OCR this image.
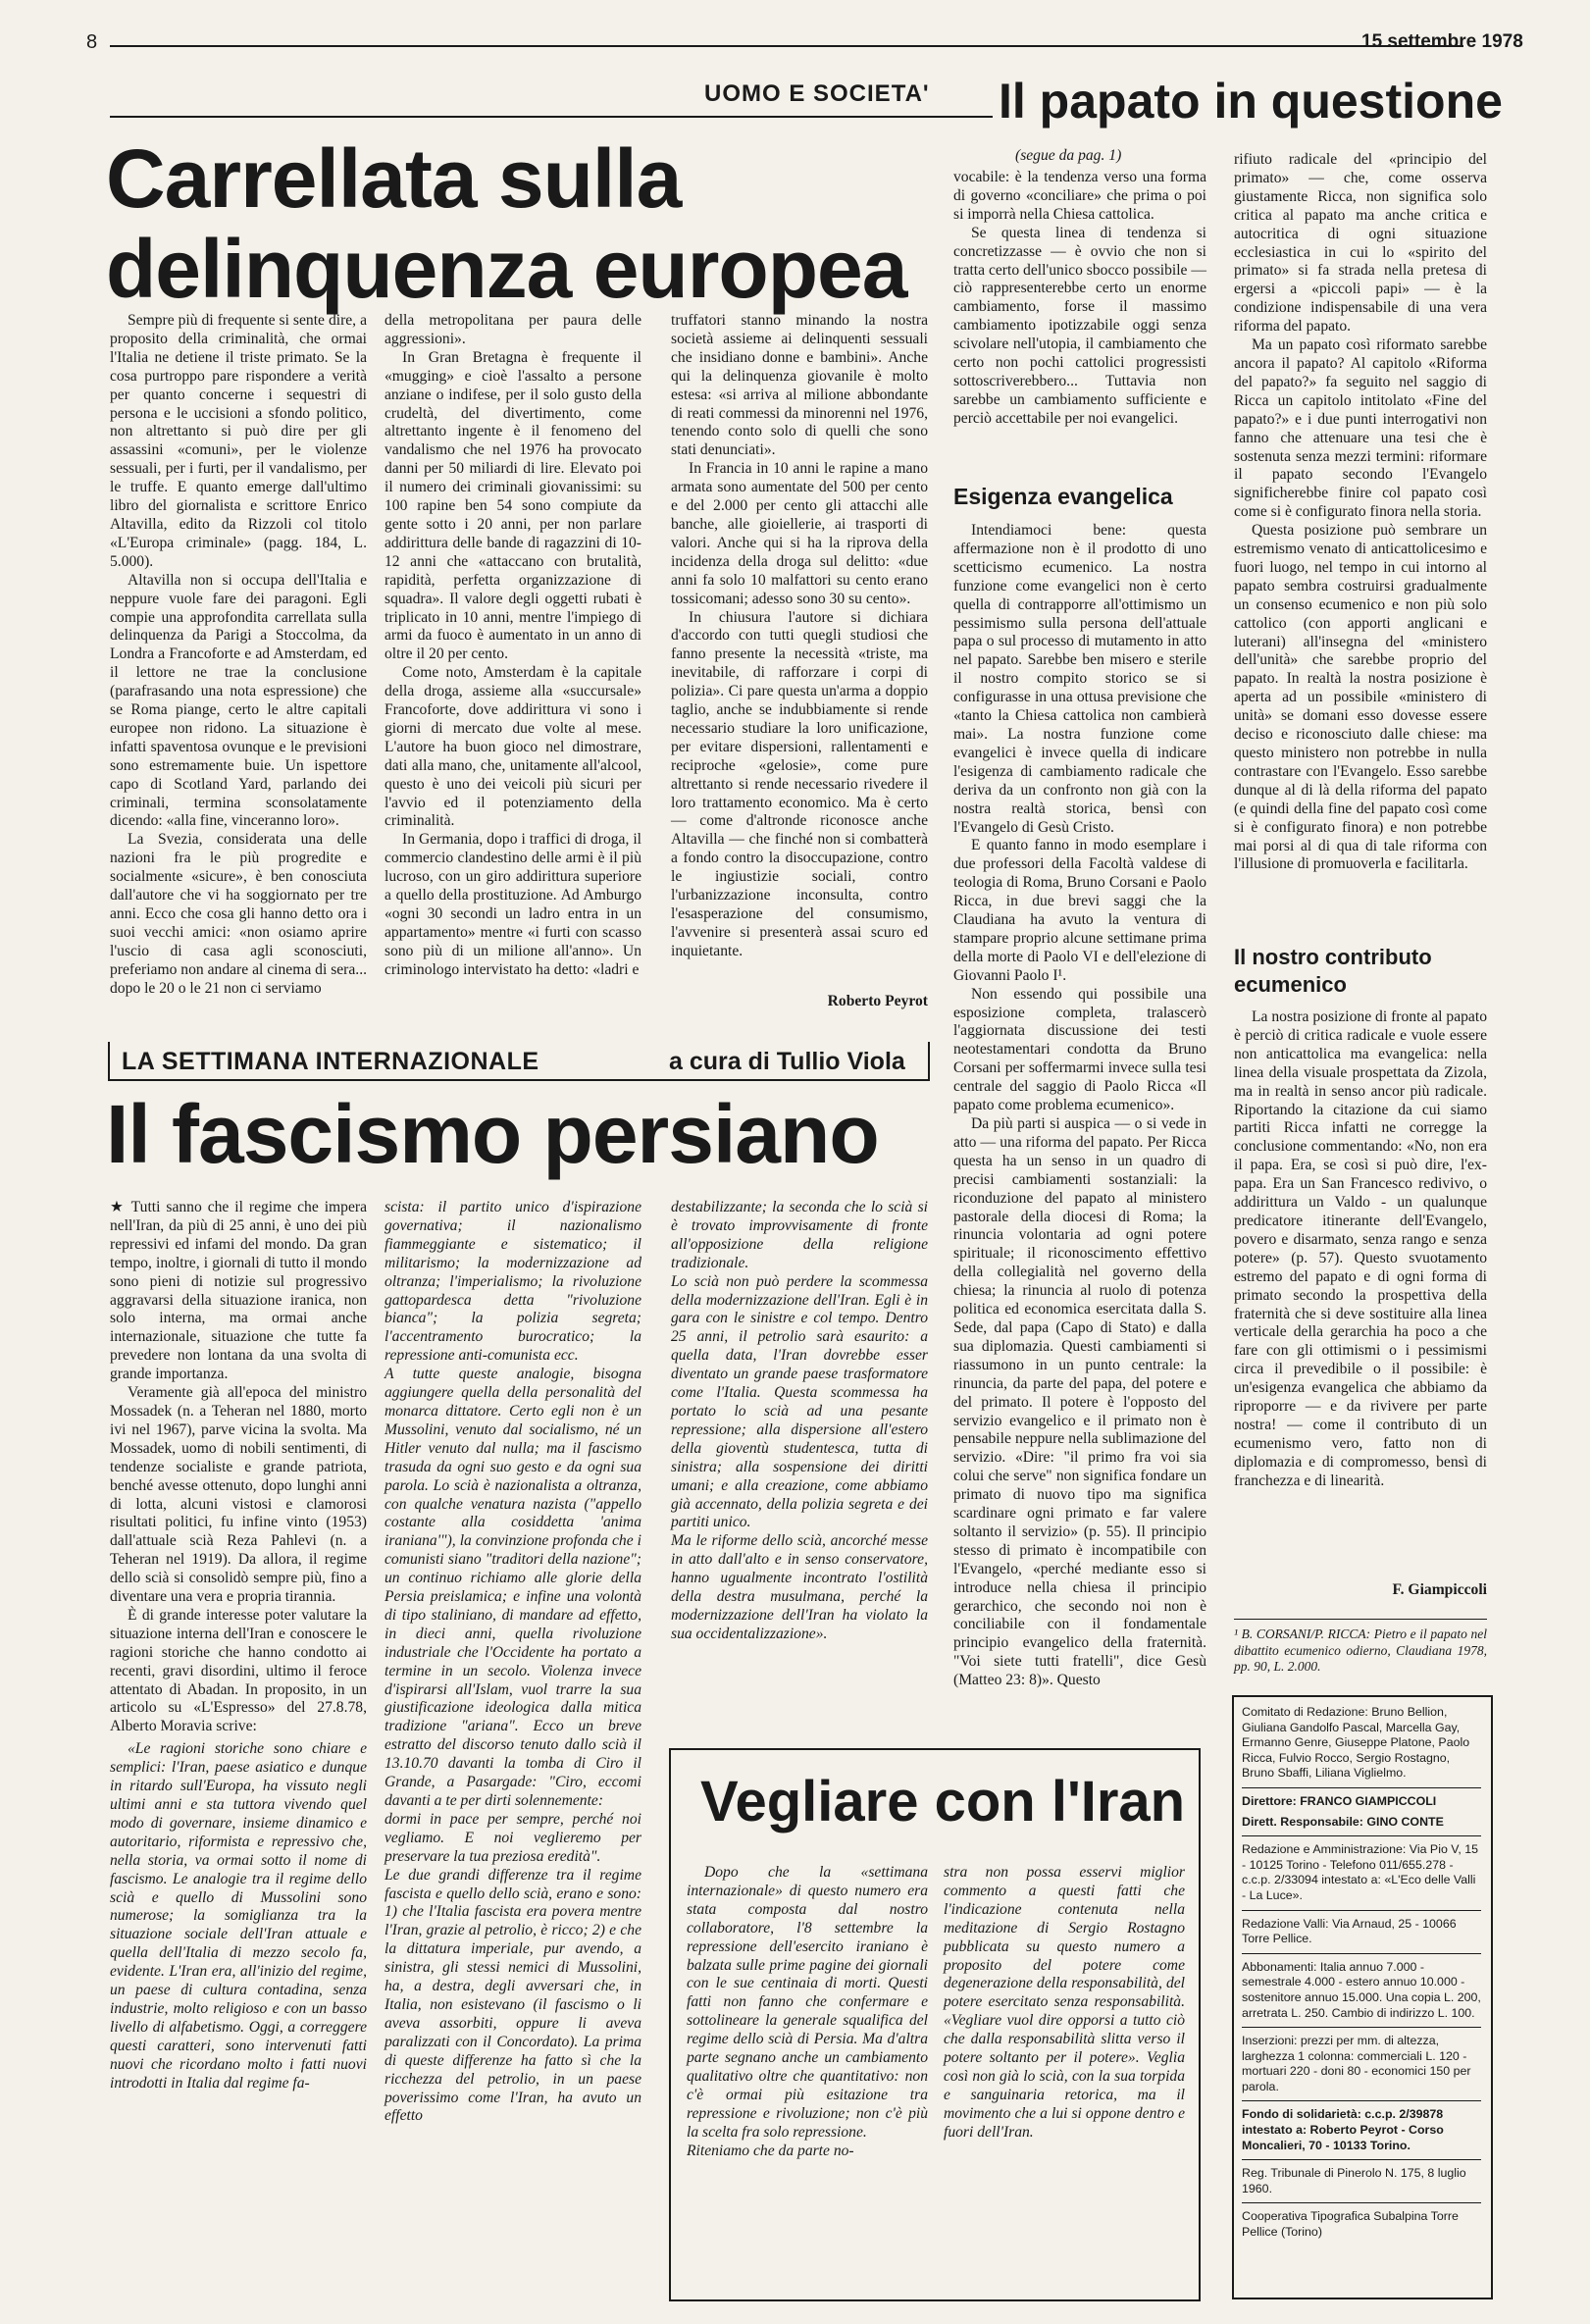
8	15 settembre 1978
UOMO E SOCIETA'
Carrellata sulla
delinquenza europea

Sempre più di frequente si sente dire, a proposito della criminalità, che ormai l'Italia ne detiene il triste primato. Se la cosa purtroppo pare rispondere a verità per quanto concerne i sequestri di persona e le uccisioni a sfondo politico, non altrettanto si può dire per gli assassini «comuni», per le violenze sessuali, per i furti, per il vandalismo, per le truffe. E quanto emerge dall'ultimo libro del giornalista e scrittore Enrico Altavilla, edito da Rizzoli col titolo «L'Europa criminale» (pagg. 184, L. 5.000).

Altavilla non si occupa dell'Italia e neppure vuole fare dei paragoni. Egli compie una approfondita carrellata sulla delinquenza da Parigi a Stoccolma, da Londra a Francoforte e ad Amsterdam, ed il lettore ne trae la conclusione (parafrasando una nota espressione) che se Roma piange, certo le altre capitali europee non ridono. La situazione è infatti spaventosa ovunque e le previsioni sono estremamente buie. Un ispettore capo di Scotland Yard, parlando dei criminali, termina sconsolatamente dicendo: «alla fine, vinceranno loro».

La Svezia, considerata una delle nazioni fra le più progredite e socialmente «sicure», è ben conosciuta dall'autore che vi ha soggiornato per tre anni. Ecco che cosa gli hanno detto ora i suoi vecchi amici: «non osiamo aprire l'uscio di casa agli sconosciuti, preferiamo non andare al cinema di sera... dopo le 20 o le 21 non ci serviamo

della metropolitana per paura delle aggressioni».

In Gran Bretagna è frequente il «mugging» e cioè l'assalto a persone anziane o indifese, per il solo gusto della crudeltà, del divertimento, come altrettanto ingente è il fenomeno del vandalismo che nel 1976 ha provocato danni per 50 miliardi di lire. Elevato poi il numero dei criminali giovanissimi: su 100 rapine ben 54 sono compiute da gente sotto i 20 anni, per non parlare addirittura delle bande di ragazzini di 10-12 anni che «attaccano con brutalità, rapidità, perfetta organizzazione di squadra». Il valore degli oggetti rubati è triplicato in 10 anni, mentre l'impiego di armi da fuoco è aumentato in un anno di oltre il 20 per cento.

Come noto, Amsterdam è la capitale della droga, assieme alla «succursale» Francoforte, dove addirittura vi sono i giorni di mercato due volte al mese. L'autore ha buon gioco nel dimostrare, dati alla mano, che, unitamente all'alcool, questo è uno dei veicoli più sicuri per l'avvio ed il potenziamento della criminalità.

In Germania, dopo i traffici di droga, il commercio clandestino delle armi è il più lucroso, con un giro addirittura superiore a quello della prostituzione. Ad Amburgo «ogni 30 secondi un ladro entra in un appartamento» mentre «i furti con scasso sono più di un milione all'anno». Un criminologo intervistato ha detto: «ladri e

truffatori stanno minando la nostra società assieme ai delinquenti sessuali che insidiano donne e bambini». Anche qui la delinquenza giovanile è molto estesa: «si arriva al milione abbondante di reati commessi da minorenni nel 1976, tenendo conto solo di quelli che sono stati denunciati».

In Francia in 10 anni le rapine a mano armata sono aumentate del 500 per cento e del 2.000 per cento gli attacchi alle banche, alle gioiellerie, ai trasporti di valori. Anche qui si ha la riprova della incidenza della droga sul delitto: «due anni fa solo 10 malfattori su cento erano tossicomani; adesso sono 30 su cento».

In chiusura l'autore si dichiara d'accordo con tutti quegli studiosi che fanno presente la necessità «triste, ma inevitabile, di rafforzare i corpi di polizia». Ci pare questa un'arma a doppio taglio, anche se indubbiamente si rende necessario studiare la loro unificazione, per evitare dispersioni, rallentamenti e reciproche «gelosie», come pure altrettanto si rende necessario rivedere il loro trattamento economico. Ma è certo — come d'altronde riconosce anche Altavilla — che finché non si combatterà a fondo contro la disoccupazione, contro le ingiustizie sociali, contro l'urbanizzazione inconsulta, contro l'esasperazione del consumismo, l'avvenire si presenterà assai scuro ed inquietante.

Roberto Peyrot
Il papato in questione
(segue da pag. 1)

vocabile: è la tendenza verso una forma di governo «conciliare» che prima o poi si imporrà nella Chiesa cattolica.

Se questa linea di tendenza si concretizzasse — è ovvio che non si tratta certo dell'unico sbocco possibile — ciò rappresenterebbe certo un enorme cambiamento, forse il massimo cambiamento ipotizzabile oggi senza scivolare nell'utopia, il cambiamento che certo non pochi cattolici progressisti sottoscriverebbero... Tuttavia non sarebbe un cambiamento sufficiente e perciò accettabile per noi evangelici.

Esigenza evangelica

Intendiamoci bene: questa affermazione non è il prodotto di uno scetticismo ecumenico. La nostra funzione come evangelici non è certo quella di contrapporre all'ottimismo un pessimismo sulla persona dell'attuale papa o sul processo di mutamento in atto nel papato. Sarebbe ben misero e sterile il nostro compito storico se si configurasse in una ottusa previsione che «tanto la Chiesa cattolica non cambierà mai». La nostra funzione come evangelici è invece quella di indicare l'esigenza di cambiamento radicale che deriva da un confronto non già con la nostra realtà storica, bensì con l'Evangelo di Gesù Cristo.

E quanto fanno in modo esemplare i due professori della Facoltà valdese di teologia di Roma, Bruno Corsani e Paolo Ricca, in due brevi saggi che la Claudiana ha avuto la ventura di stampare proprio alcune settimane prima della morte di Paolo VI e dell'elezione di Giovanni Paolo I¹.

Non essendo qui possibile una esposizione completa, tralascerò l'aggiornata discussione dei testi neotestamentari condotta da Bruno Corsani per soffermarmi invece sulla tesi centrale del saggio di Paolo Ricca «Il papato come problema ecumenico».

Da più parti si auspica — o si vede in atto — una riforma del papato. Per Ricca questa ha un senso in un quadro di precisi cambiamenti sostanziali: la riconduzione del papato al ministero pastorale della diocesi di Roma; la rinuncia volontaria ad ogni potere spirituale; il riconoscimento effettivo della collegialità nel governo della chiesa; la rinuncia al ruolo di potenza politica ed economica esercitata dalla S. Sede, dal papa (Capo di Stato) e dalla sua diplomazia. Questi cambiamenti si riassumono in un punto centrale: la rinuncia, da parte del papa, del potere e del primato. Il potere è l'opposto del servizio evangelico e il primato non è pensabile neppure nella sublimazione del servizio. «Dire: "il primo fra voi sia colui che serve" non significa fondare un primato di nuovo tipo ma significa scardinare ogni primato e far valere soltanto il servizio» (p. 55). Il principio stesso di primato è incompatibile con l'Evangelo, «perché mediante esso si introduce nella chiesa il principio gerarchico, che secondo noi non è conciliabile con il fondamentale principio evangelico della fraternità. "Voi siete tutti fratelli", dice Gesù (Matteo 23: 8)». Questo

rifiuto radicale del «principio del primato» — che, come osserva giustamente Ricca, non significa solo critica al papato ma anche critica e autocritica di ogni situazione ecclesiastica in cui lo «spirito del primato» si fa strada nella pretesa di ergersi a «piccoli papi» — è la condizione indispensabile di una vera riforma del papato.

Ma un papato così riformato sarebbe ancora il papato? Al capitolo «Riforma del papato?» fa seguito nel saggio di Ricca un capitolo intitolato «Fine del papato?» e i due punti interrogativi non fanno che attenuare una tesi che è sostenuta senza mezzi termini: riformare il papato secondo l'Evangelo significherebbe finire col papato così come si è configurato finora nella storia.

Questa posizione può sembrare un estremismo venato di anticattolicesimo e fuori luogo, nel tempo in cui intorno al papato sembra costruirsi gradualmente un consenso ecumenico e non più solo cattolico (con apporti anglicani e luterani) all'insegna del «ministero dell'unità» che sarebbe proprio del papato. In realtà la nostra posizione è aperta ad un possibile «ministero di unità» se domani esso dovesse essere deciso e riconosciuto dalle chiese: ma questo ministero non potrebbe in nulla contrastare con l'Evangelo. Esso sarebbe dunque al di là della riforma del papato (e quindi della fine del papato così come si è configurato finora) e non potrebbe mai porsi al di qua di tale riforma con l'illusione di promuoverla e facilitarla.

Il nostro contributo ecumenico

La nostra posizione di fronte al papato è perciò di critica radicale e vuole essere non anticattolica ma evangelica: nella linea della visuale prospettata da Zizola, ma in realtà in senso ancor più radicale. Riportando la citazione da cui siamo partiti Ricca infatti ne corregge la conclusione commentando: «No, non era il papa. Era, se così si può dire, l'ex-papa. Era un San Francesco redivivo, o addirittura un Valdo - un qualunque predicatore itinerante dell'Evangelo, povero e disarmato, senza rango e senza potere» (p. 57). Questo svuotamento estremo del papato e di ogni forma di primato secondo la prospettiva della fraternità che si deve sostituire alla linea verticale della gerarchia ha poco a che fare con gli ottimismi o i pessimismi circa il prevedibile o il possibile: è un'esigenza evangelica che abbiamo da riproporre — e da rivivere per parte nostra! — come il contributo di un ecumenismo vero, fatto non di diplomazia e di compromesso, bensì di franchezza e di linearità.

F. Giampiccoli
¹ B. CORSANI/P. RICCA: Pietro e il papato nel dibattito ecumenico odierno, Claudiana 1978, pp. 90, L. 2.000.
LA SETTIMANA INTERNAZIONALE	a cura di Tullio Viola
Il fascismo persiano

★ Tutti sanno che il regime che impera nell'Iran, da più di 25 anni, è uno dei più repressivi ed infami del mondo. Da gran tempo, inoltre, i giornali di tutto il mondo sono pieni di notizie sul progressivo aggravarsi della situazione iranica, non solo interna, ma ormai anche internazionale, situazione che tutte fa prevedere non lontana da una svolta di grande importanza.

Veramente già all'epoca del ministro Mossadek (n. a Teheran nel 1880, morto ivi nel 1967), parve vicina la svolta. Ma Mossadek, uomo di nobili sentimenti, di tendenze socialiste e grande patriota, benché avesse ottenuto, dopo lunghi anni di lotta, alcuni vistosi e clamorosi risultati politici, fu infine vinto (1953) dall'attuale scià Reza Pahlevi (n. a Teheran nel 1919). Da allora, il regime dello scià si consolidò sempre più, fino a diventare una vera e propria tirannia.

È di grande interesse poter valutare la situazione interna dell'Iran e conoscere le ragioni storiche che hanno condotto ai recenti, gravi disordini, ultimo il feroce attentato di Abadan. In proposito, in un articolo su «L'Espresso» del 27.8.78, Alberto Moravia scrive:

«Le ragioni storiche sono chiare e semplici: l'Iran, paese asiatico e dunque in ritardo sull'Europa, ha vissuto negli ultimi anni e sta tuttora vivendo quel modo di governare, insieme dinamico e autoritario, riformista e repressivo che, nella storia, va ormai sotto il nome di fascismo. Le analogie tra il regime dello scià e quello di Mussolini sono numerose; la somiglianza tra la situazione sociale dell'Iran attuale e quella dell'Italia di mezzo secolo fa, evidente. L'Iran era, all'inizio del regime, un paese di cultura contadina, senza industrie, molto religioso e con un basso livello di alfabetismo. Oggi, a correggere questi caratteri, sono intervenuti fatti nuovi che ricordano molto i fatti nuovi introdotti in Italia dal regime fa-

scista: il partito unico d'ispirazione governativa; il nazionalismo fiammeggiante e sistematico; il militarismo; la modernizzazione ad oltranza; l'imperialismo; la rivoluzione gattopardesca detta "rivoluzione bianca"; la polizia segreta; l'accentramento burocratico; la repressione anti-comunista ecc.
A tutte queste analogie, bisogna aggiungere quella della personalità del monarca dittatore. Certo egli non è un Mussolini, venuto dal socialismo, né un Hitler venuto dal nulla; ma il fascismo trasuda da ogni suo gesto e da ogni sua parola. Lo scià è nazionalista a oltranza, con qualche venatura nazista ("appello costante alla cosiddetta 'anima iraniana'"), la convinzione profonda che i comunisti siano "traditori della nazione"; un continuo richiamo alle glorie della Persia preislamica; e infine una volontà di tipo staliniano, di mandare ad effetto, in dieci anni, quella rivoluzione industriale che l'Occidente ha portato a termine in un secolo. Violenza invece d'ispirarsi all'Islam, vuol trarre la sua giustificazione ideologica dalla mitica tradizione "ariana". Ecco un breve estratto del discorso tenuto dallo scià il 13.10.70 davanti la tomba di Ciro il Grande, a Pasargade: "Ciro, eccomi davanti a te per dirti solennemente:
dormi in pace per sempre, perché noi vegliamo. E noi veglieremo per preservare la tua preziosa eredità".
Le due grandi differenze tra il regime fascista e quello dello scià, erano e sono: 1) che l'Italia fascista era povera mentre l'Iran, grazie al petrolio, è ricco; 2) e che la dittatura imperiale, pur avendo, a sinistra, gli stessi nemici di Mussolini, ha, a destra, degli avversari che, in Italia, non esistevano (il fascismo o li aveva assorbiti, oppure li aveva paralizzati con il Concordato). La prima di queste differenze ha fatto sì che la ricchezza del petrolio, in un paese poverissimo come l'Iran, ha avuto un effetto

destabilizzante; la seconda che lo scià si è trovato improvvisamente di fronte all'opposizione della religione tradizionale.
Lo scià non può perdere la scommessa della modernizzazione dell'Iran. Egli è in gara con le sinistre e col tempo. Dentro 25 anni, il petrolio sarà esaurito: a quella data, l'Iran dovrebbe esser diventato un grande paese trasformatore come l'Italia. Questa scommessa ha portato lo scià ad una pesante repressione; alla dispersione all'estero della gioventù studentesca, tutta di sinistra; alla sospensione dei diritti umani; e alla creazione, come abbiamo già accennato, della polizia segreta e dei partiti unico.
Ma le riforme dello scià, ancorché messe in atto dall'alto e in senso conservatore, hanno ugualmente incontrato l'ostilità della destra musulmana, perché la modernizzazione dell'Iran ha violato la sua occidentalizzazione».

Vegliare con l'Iran

Dopo che la «settimana internazionale» di questo numero era stata composta dal nostro collaboratore, l'8 settembre la repressione dell'esercito iraniano è balzata sulle prime pagine dei giornali con le sue centinaia di morti. Questi fatti non fanno che confermare e sottolineare la generale squalifica del regime dello scià di Persia. Ma d'altra parte segnano anche un cambiamento qualitativo oltre che quantitativo: non c'è ormai più esitazione tra repressione e rivoluzione; non c'è più la scelta fra solo repressione.
Riteniamo che da parte no-

stra non possa esservi miglior commento a questi fatti che l'indicazione contenuta nella meditazione di Sergio Rostagno pubblicata su questo numero a proposito del potere come degenerazione della responsabilità, del potere esercitato senza responsabilità. «Vegliare vuol dire opporsi a tutto ciò che dalla responsabilità slitta verso il potere soltanto per il potere». Veglia così non già lo scià, con la sua torpida e sanguinaria retorica, ma il movimento che a lui si oppone dentro e fuori dell'Iran.

Comitato di Redazione: Bruno Bellion, Giuliana Gandolfo Pascal, Marcella Gay, Ermanno Genre, Giuseppe Platone, Paolo Ricca, Fulvio Rocco, Sergio Rostagno, Bruno Sbaffi, Liliana Viglielmo.

Direttore: FRANCO GIAMPICCOLI

Dirett. Responsabile: GINO CONTE

Redazione e Amministrazione: Via Pio V, 15 - 10125 Torino - Telefono 011/655.278 - c.c.p. 2/33094 intestato a: «L'Eco delle Valli - La Luce».

Redazione Valli: Via Arnaud, 25 - 10066 Torre Pellice.

Abbonamenti: Italia annuo 7.000 - semestrale 4.000 - estero annuo 10.000 - sostenitore annuo 15.000. Una copia L. 200, arretrata L. 250. Cambio di indirizzo L. 100.

Inserzioni: prezzi per mm. di altezza, larghezza 1 colonna: commerciali L. 120 - mortuari 220 - doni 80 - economici 150 per parola.

Fondo di solidarietà: c.c.p. 2/39878 intestato a: Roberto Peyrot - Corso Moncalieri, 70 - 10133 Torino.

Reg. Tribunale di Pinerolo N. 175, 8 luglio 1960.

Cooperativa Tipografica Subalpina Torre Pellice (Torino)
